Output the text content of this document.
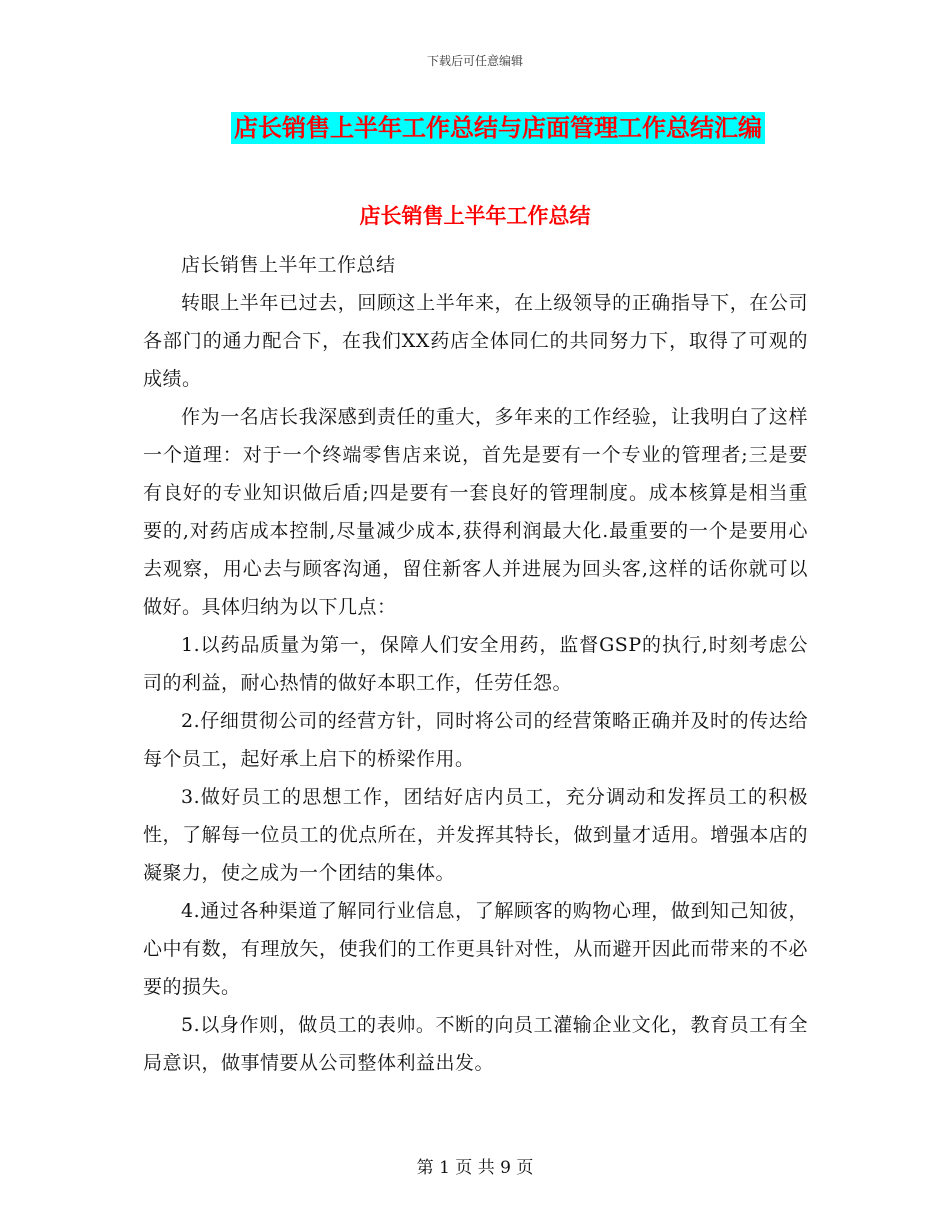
下载后可任意编辑
店长销售上半年工作总结与店面管理工作总结汇编
店长销售上半年工作总结

店长销售上半年工作总结

转眼上半年已过去，回顾这上半年来，在上级领导的正确指导下，在公司各部门的通力配合下，在我们XX药店全体同仁的共同努力下，取得了可观的成绩。

作为一名店长我深感到责任的重大，多年来的工作经验，让我明白了这样一个道理：对于一个终端零售店来说，首先是要有一个专业的管理者;三是要有良好的专业知识做后盾;四是要有一套良好的管理制度。成本核算是相当重要的,对药店成本控制,尽量减少成本,获得利润最大化.最重要的一个是要用心去观察，用心去与顾客沟通，留住新客人并进展为回头客,这样的话你就可以做好。具体归纳为以下几点：

1.以药品质量为第一，保障人们安全用药，监督GSP的执行,时刻考虑公司的利益，耐心热情的做好本职工作，任劳任怨。

2.仔细贯彻公司的经营方针，同时将公司的经营策略正确并及时的传达给每个员工，起好承上启下的桥梁作用。

3.做好员工的思想工作，团结好店内员工，充分调动和发挥员工的积极性，了解每一位员工的优点所在，并发挥其特长，做到量才适用。增强本店的凝聚力，使之成为一个团结的集体。

4.通过各种渠道了解同行业信息，了解顾客的购物心理，做到知己知彼，心中有数，有理放矢，使我们的工作更具针对性，从而避开因此而带来的不必要的损失。

5.以身作则，做员工的表帅。不断的向员工灌输企业文化，教育员工有全局意识，做事情要从公司整体利益出发。

第 1 页 共 9 页
